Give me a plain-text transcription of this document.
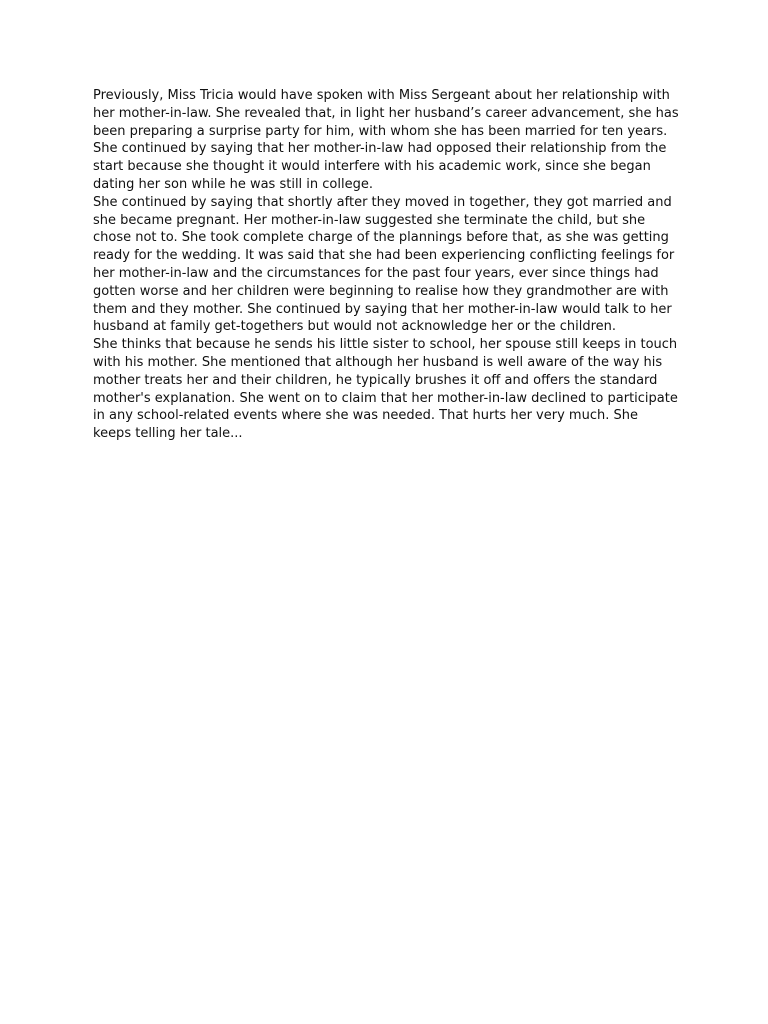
Previously, Miss Tricia would have spoken with Miss Sergeant about her relationship with her mother-in-law. She revealed that, in light her husband’s career advancement, she has been preparing a surprise party for him, with whom she has been married for ten years. She continued by saying that her mother-in-law had opposed their relationship from the start because she thought it would interfere with his academic work, since she began dating her son while he was still in college.

She continued by saying that shortly after they moved in together, they got married and she became pregnant. Her mother-in-law suggested she terminate the child, but she chose not to. She took complete charge of the plannings before that, as she was getting ready for the wedding. It was said that she had been experiencing conflicting feelings for her mother-in-law and the circumstances for the past four years, ever since things had gotten worse and her children were beginning to realise how they grandmother are with them and they mother. She continued by saying that her mother-in-law would talk to her husband at family get-togethers but would not acknowledge her or the children.

She thinks that because he sends his little sister to school, her spouse still keeps in touch with his mother. She mentioned that although her husband is well aware of the way his mother treats her and their children, he typically brushes it off and offers the standard mother's explanation. She went on to claim that her mother-in-law declined to participate in any school-related events where she was needed. That hurts her very much. She keeps telling her tale...
